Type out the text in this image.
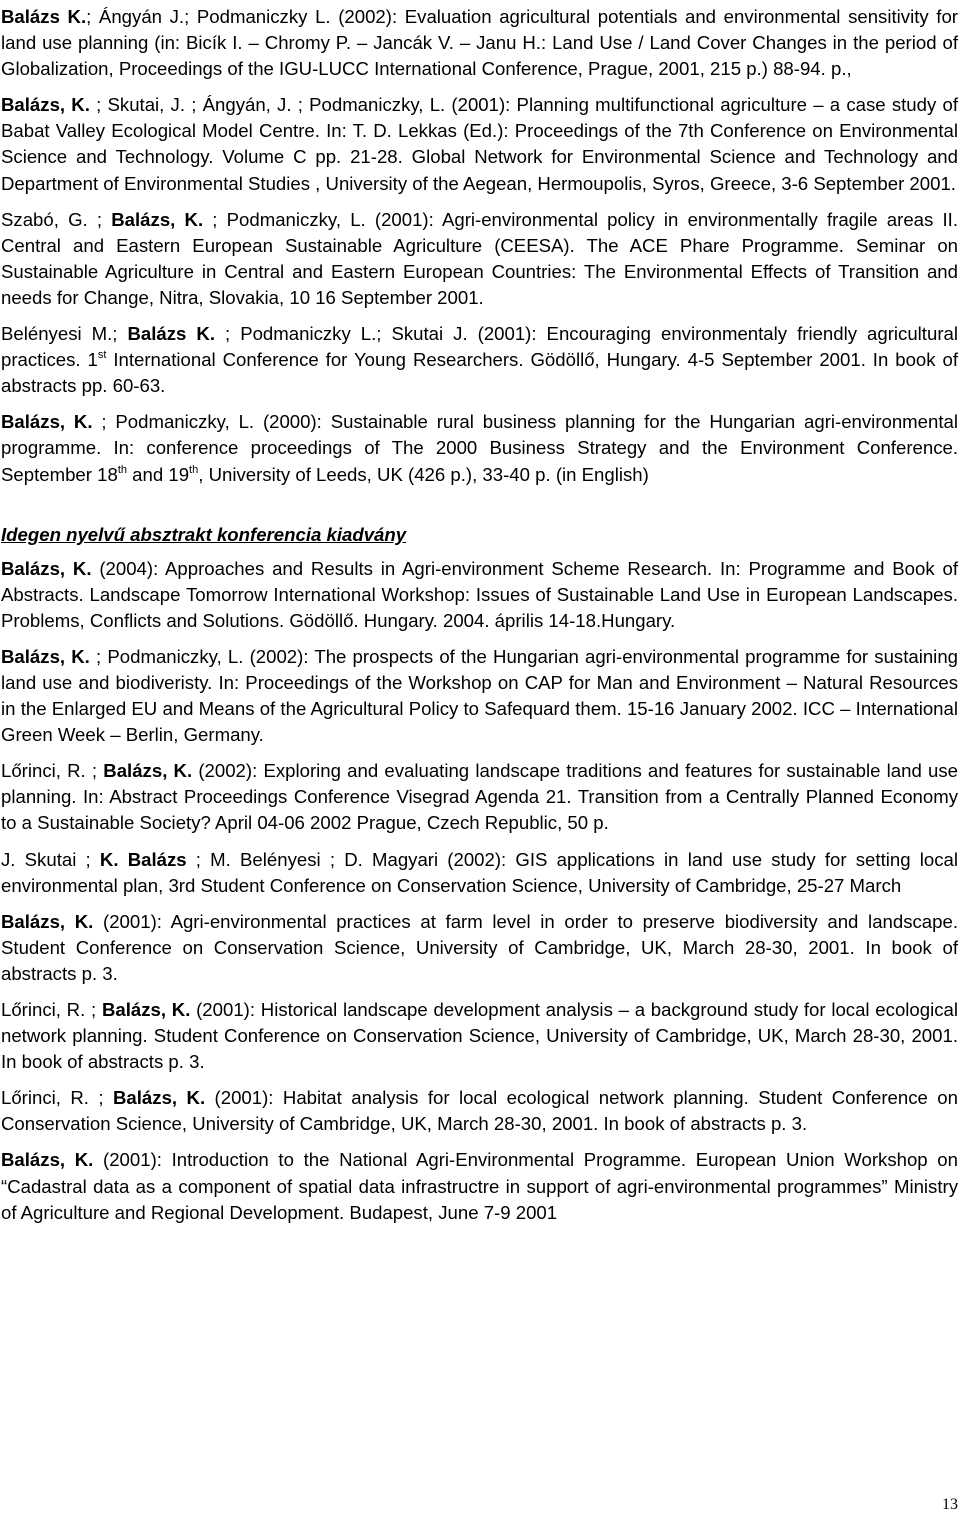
Balázs K.; Ángyán J.; Podmaniczky L. (2002): Evaluation agricultural potentials and environmental sensitivity for land use planning (in: Bicík I. – Chromy P. – Jancák V. – Janu H.: Land Use / Land Cover Changes in the period of Globalization, Proceedings of the IGU-LUCC International Conference, Prague, 2001, 215 p.) 88-94. p.,

Balázs, K. ; Skutai, J. ; Ángyán, J. ; Podmaniczky, L. (2001): Planning multifunctional agriculture – a case study of Babat Valley Ecological Model Centre. In: T. D. Lekkas (Ed.): Proceedings of the 7th Conference on Environmental Science and Technology. Volume C pp. 21-28. Global Network for Environmental Science and Technology and Department of Environmental Studies , University of the Aegean, Hermoupolis, Syros, Greece, 3-6 September 2001.

Szabó, G. ; Balázs, K. ; Podmaniczky, L. (2001): Agri-environmental policy in environmentally fragile areas II. Central and Eastern European Sustainable Agriculture (CEESA). The ACE Phare Programme. Seminar on Sustainable Agriculture in Central and Eastern European Countries: The Environmental Effects of Transition and needs for Change, Nitra, Slovakia, 10 16 September 2001.

Belényesi M.; Balázs K. ; Podmaniczky L.; Skutai J. (2001): Encouraging environmentaly friendly agricultural practices. 1st International Conference for Young Researchers. Gödöllő, Hungary. 4-5 September 2001. In book of abstracts pp. 60-63.

Balázs, K. ; Podmaniczky, L. (2000): Sustainable rural business planning for the Hungarian agri-environmental programme. In: conference proceedings of The 2000 Business Strategy and the Environment Conference. September 18th and 19th, University of Leeds, UK (426 p.), 33-40 p. (in English)

Idegen nyelvű absztrakt konferencia kiadvány

Balázs, K. (2004): Approaches and Results in Agri-environment Scheme Research. In: Programme and Book of Abstracts. Landscape Tomorrow International Workshop: Issues of Sustainable Land Use in European Landscapes. Problems, Conflicts and Solutions. Gödöllő. Hungary. 2004. április 14-18.Hungary.

Balázs, K. ; Podmaniczky, L. (2002): The prospects of the Hungarian agri-environmental programme for sustaining land use and biodiveristy. In: Proceedings of the Workshop on CAP for Man and Environment – Natural Resources in the Enlarged EU and Means of the Agricultural Policy to Safequard them. 15-16 January 2002. ICC – International Green Week – Berlin, Germany.

Lőrinci, R. ; Balázs, K. (2002): Exploring and evaluating landscape traditions and features for sustainable land use planning. In: Abstract Proceedings Conference Visegrad Agenda 21. Transition from a Centrally Planned Economy to a Sustainable Society? April 04-06 2002 Prague, Czech Republic, 50 p.

J. Skutai ; K. Balázs ; M. Belényesi ; D. Magyari (2002): GIS applications in land use study for setting local environmental plan, 3rd Student Conference on Conservation Science, University of Cambridge, 25-27 March

Balázs, K. (2001): Agri-environmental practices at farm level in order to preserve biodiversity and landscape. Student Conference on Conservation Science, University of Cambridge, UK, March 28-30, 2001. In book of abstracts p. 3.

Lőrinci, R. ; Balázs, K. (2001): Historical landscape development analysis – a background study for local ecological network planning. Student Conference on Conservation Science, University of Cambridge, UK, March 28-30, 2001. In book of abstracts p. 3.

Lőrinci, R. ; Balázs, K. (2001): Habitat analysis for local ecological network planning. Student Conference on Conservation Science, University of Cambridge, UK, March 28-30, 2001. In book of abstracts p. 3.

Balázs, K. (2001): Introduction to the National Agri-Environmental Programme. European Union Workshop on “Cadastral data as a component of spatial data infrastructre in support of agri-environmental programmes” Ministry of Agriculture and Regional Development. Budapest, June 7-9 2001

13
